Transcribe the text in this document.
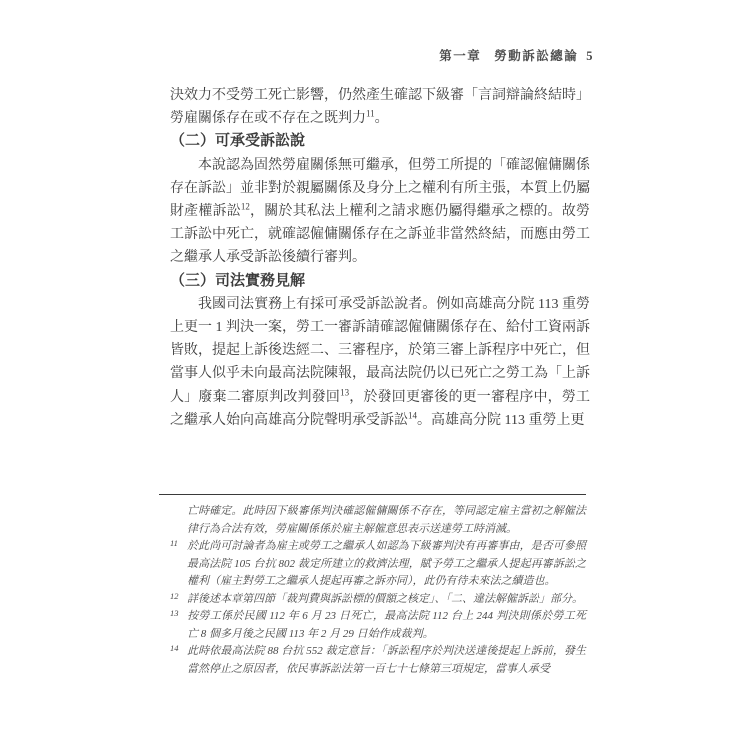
第一章 勞動訴訟總論 5

決效力不受勞工死亡影響，仍然產生確認下級審「言詞辯論終結時」勞雇關係存在或不存在之既判力$^{11}$。

（二）可承受訴訟說

本說認為固然勞雇關係無可繼承，但勞工所提的「確認僱傭關係存在訴訟」並非對於親屬關係及身分上之權利有所主張，本質上仍屬財產權訴訟$^{12}$，關於其私法上權利之請求應仍屬得繼承之標的。故勞工訴訟中死亡，就確認僱傭關係存在之訴並非當然終結，而應由勞工之繼承人承受訴訟後續行審判。

（三）司法實務見解

我國司法實務上有採可承受訴訟說者。例如高雄高分院 113 重勞上更一 1 判決一案，勞工一審訴請確認僱傭關係存在、給付工資兩訴皆敗，提起上訴後迭經二、三審程序，於第三審上訴程序中死亡，但當事人似乎未向最高法院陳報，最高法院仍以已死亡之勞工為「上訴人」廢棄二審原判改判發回$^{13}$，於發回更審後的更一審程序中，勞工之繼承人始向高雄高分院聲明承受訴訟$^{14}$。高雄高分院 113 重勞上更

亡時確定。此時因下級審係判決確認僱傭關係不存在，等同認定雇主當初之解僱法律行為合法有效，勞雇關係係於雇主解僱意思表示送達勞工時消滅。

11 於此尚可討論者為雇主或勞工之繼承人如認為下級審判決有再審事由，是否可參照最高法院 105 台抗 802 裁定所建立的救濟法理，賦予勞工之繼承人提起再審訴訟之權利（雇主對勞工之繼承人提起再審之訴亦同），此仍有待未來法之續造也。

12 詳後述本章第四節「裁判費與訴訟標的價額之核定」、「二、違法解僱訴訟」部分。

13 按勞工係於民國 112 年 6 月 23 日死亡，最高法院 112 台上 244 判決則係於勞工死亡 8 個多月後之民國 113 年 2 月 29 日始作成裁判。

14 此時依最高法院 88 台抗 552 裁定意旨：「訴訟程序於判決送達後提起上訴前，發生當然停止之原因者，依民事訴訟法第一百七十七條第三項規定，當事人承受
